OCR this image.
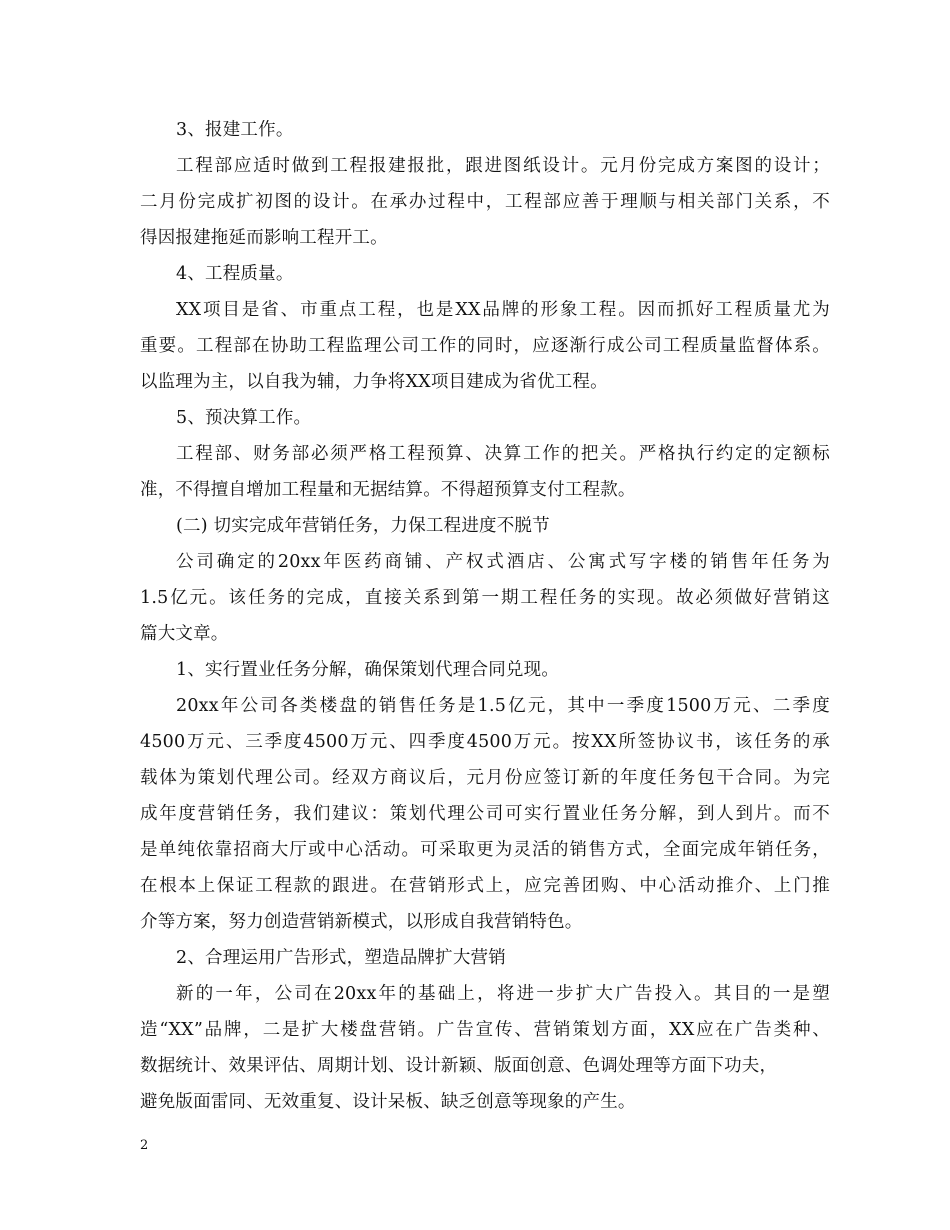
3、报建工作。
工程部应适时做到工程报建报批，跟进图纸设计。元月份完成方案图的设计；
二月份完成扩初图的设计。在承办过程中，工程部应善于理顺与相关部门关系，不
得因报建拖延而影响工程开工。
4、工程质量。
XX项目是省、市重点工程，也是XX品牌的形象工程。因而抓好工程质量尤为
重要。工程部在协助工程监理公司工作的同时，应逐渐行成公司工程质量监督体系。
以监理为主，以自我为辅，力争将XX项目建成为省优工程。
5、预决算工作。
工程部、财务部必须严格工程预算、决算工作的把关。严格执行约定的定额标
准，不得擅自增加工程量和无据结算。不得超预算支付工程款。
(二) 切实完成年营销任务，力保工程进度不脱节
公司确定的20xx年医药商铺、产权式酒店、公寓式写字楼的销售年任务为
1.5亿元。该任务的完成，直接关系到第一期工程任务的实现。故必须做好营销这
篇大文章。
1、实行置业任务分解，确保策划代理合同兑现。
20xx年公司各类楼盘的销售任务是1.5亿元，其中一季度1500万元、二季度
4500万元、三季度4500万元、四季度4500万元。按XX所签协议书，该任务的承
载体为策划代理公司。经双方商议后，元月份应签订新的年度任务包干合同。为完
成年度营销任务，我们建议：策划代理公司可实行置业任务分解，到人到片。而不
是单纯依靠招商大厅或中心活动。可采取更为灵活的销售方式，全面完成年销任务，
在根本上保证工程款的跟进。在营销形式上，应完善团购、中心活动推介、上门推
介等方案，努力创造营销新模式，以形成自我营销特色。
2、合理运用广告形式，塑造品牌扩大营销
新的一年，公司在20xx年的基础上，将进一步扩大广告投入。其目的一是塑
造“XX”品牌，二是扩大楼盘营销。广告宣传、营销策划方面，XX应在广告类种、
数据统计、效果评估、周期计划、设计新颖、版面创意、色调处理等方面下功夫，
避免版面雷同、无效重复、设计呆板、缺乏创意等现象的产生。
2
